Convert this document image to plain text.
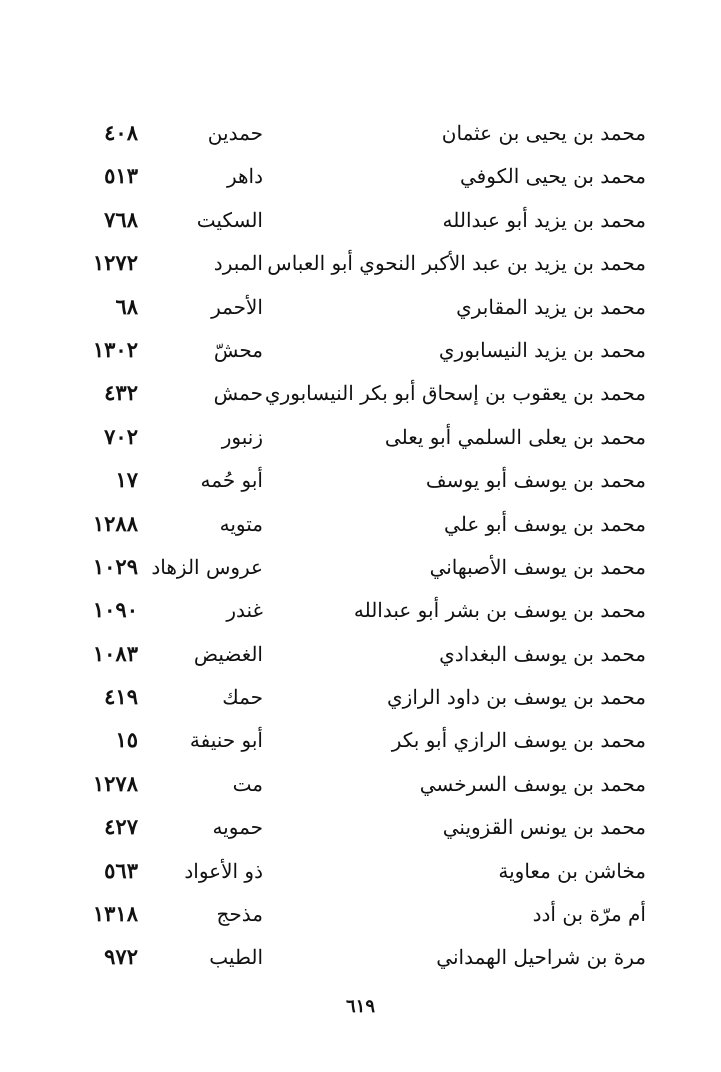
محمد بن يحيى بن عثمان
حمدين
٤٠٨
محمد بن يحيى الكوفي
داهر
٥١٣
محمد بن يزيد أبو عبدالله
السكيت
٧٦٨
محمد بن يزيد بن عبد الأكبر النحوي أبو العباس
المبرد
١٢٧٢
محمد بن يزيد المقابري
الأحمر
٦٨
محمد بن يزيد النيسابوري
محشّ
١٣٠٢
محمد بن يعقوب بن إسحاق أبو بكر النيسابوري
حمش
٤٣٢
محمد بن يعلى السلمي أبو يعلى
زنبور
٧٠٢
محمد بن يوسف أبو يوسف
أبو حُمه
١٧
محمد بن يوسف أبو علي
متويه
١٢٨٨
محمد بن يوسف الأصبهاني
عروس الزهاد
١٠٢٩
محمد بن يوسف بن بشر أبو عبدالله
غندر
١٠٩٠
محمد بن يوسف البغدادي
الغضيض
١٠٨٣
محمد بن يوسف بن داود الرازي
حمك
٤١٩
محمد بن يوسف الرازي أبو بكر
أبو حنيفة
١٥
محمد بن يوسف السرخسي
مت
١٢٧٨
محمد بن يونس القزويني
حمويه
٤٢٧
مخاشن بن معاوية
ذو الأعواد
٥٦٣
أم مرّة بن أدد
مذحج
١٣١٨
مرة بن شراحيل الهمداني
الطيب
٩٧٢
٦١٩
